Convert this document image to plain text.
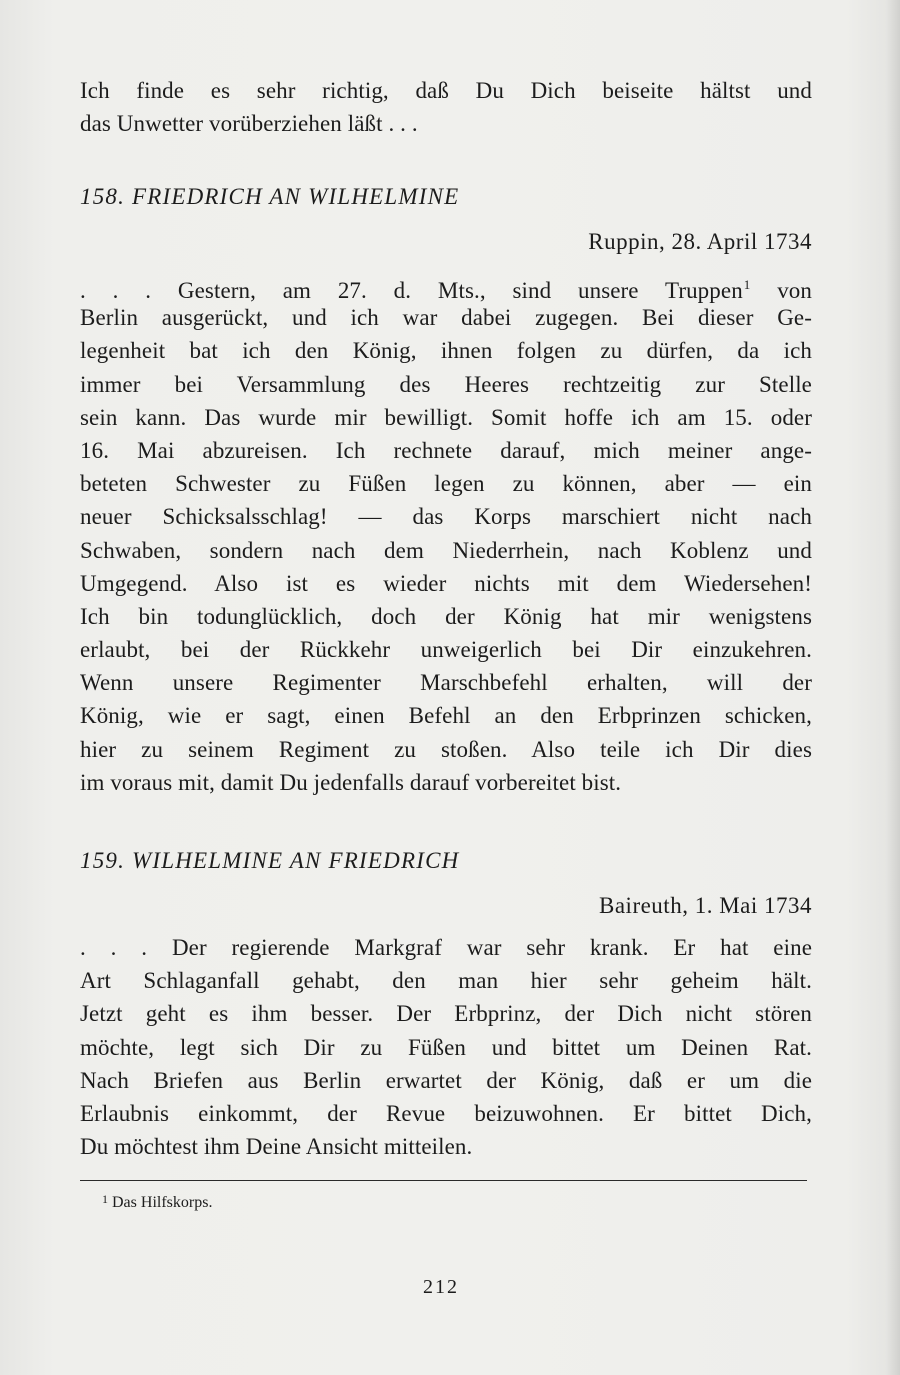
Ich finde es sehr richtig, daß Du Dich beiseite hältst und
das Unwetter vorüberziehen läßt . . .
158. FRIEDRICH AN WILHELMINE
Ruppin, 28. April 1734
. . . Gestern, am 27. d. Mts., sind unsere Truppen$^1$ von
Berlin ausgerückt, und ich war dabei zugegen. Bei dieser Ge-
legenheit bat ich den König, ihnen folgen zu dürfen, da ich
immer bei Versammlung des Heeres rechtzeitig zur Stelle
sein kann. Das wurde mir bewilligt. Somit hoffe ich am 15. oder
16. Mai abzureisen. Ich rechnete darauf, mich meiner ange-
beteten Schwester zu Füßen legen zu können, aber — ein
neuer Schicksalsschlag! — das Korps marschiert nicht nach
Schwaben, sondern nach dem Niederrhein, nach Koblenz und
Umgegend. Also ist es wieder nichts mit dem Wiedersehen!
Ich bin todunglücklich, doch der König hat mir wenigstens
erlaubt, bei der Rückkehr unweigerlich bei Dir einzukehren.
Wenn unsere Regimenter Marschbefehl erhalten, will der
König, wie er sagt, einen Befehl an den Erbprinzen schicken,
hier zu seinem Regiment zu stoßen. Also teile ich Dir dies
im voraus mit, damit Du jedenfalls darauf vorbereitet bist.
159. WILHELMINE AN FRIEDRICH
Baireuth, 1. Mai 1734
. . . Der regierende Markgraf war sehr krank. Er hat eine
Art Schlaganfall gehabt, den man hier sehr geheim hält.
Jetzt geht es ihm besser. Der Erbprinz, der Dich nicht stören
möchte, legt sich Dir zu Füßen und bittet um Deinen Rat.
Nach Briefen aus Berlin erwartet der König, daß er um die
Erlaubnis einkommt, der Revue beizuwohnen. Er bittet Dich,
Du möchtest ihm Deine Ansicht mitteilen.
$^1$ Das Hilfskorps.
212
